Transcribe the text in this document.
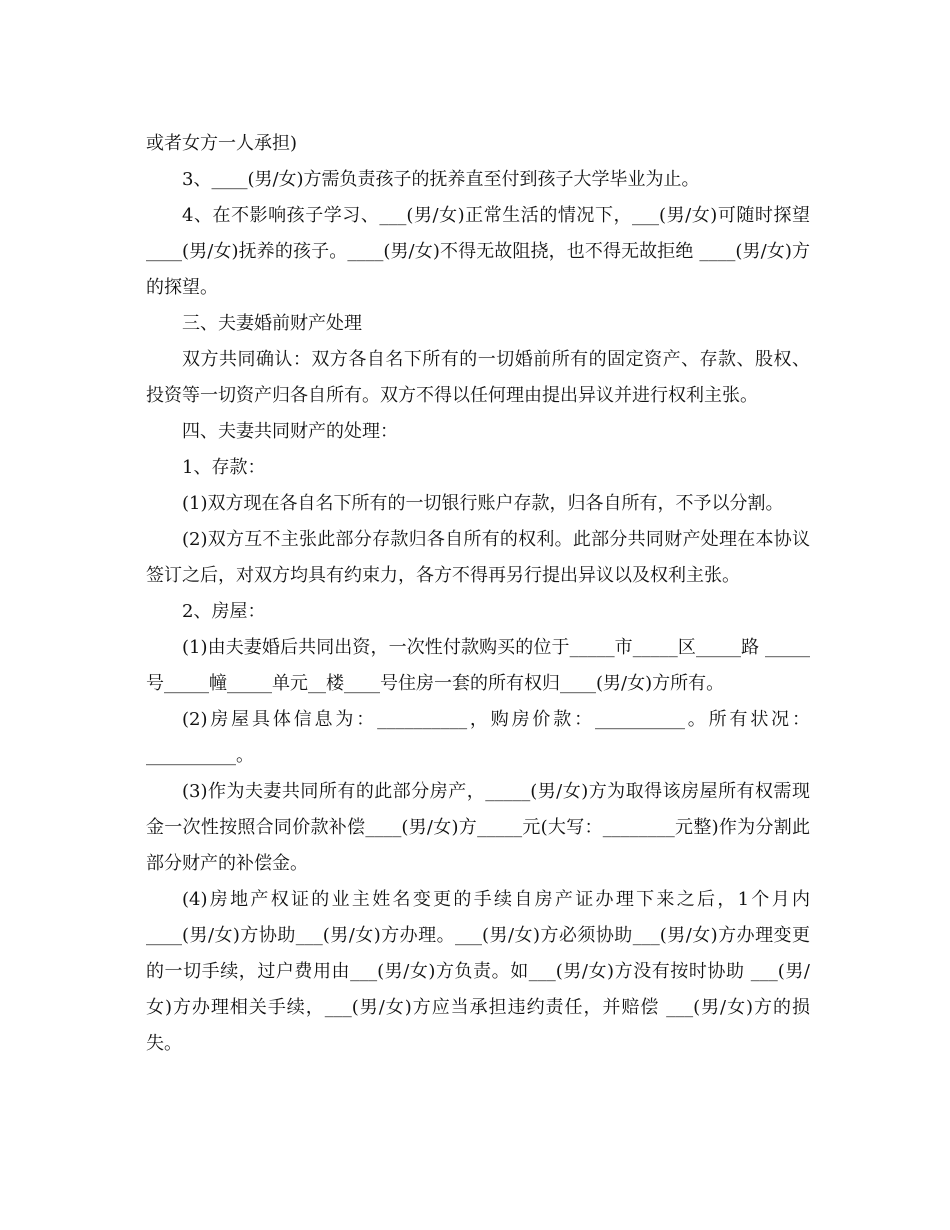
或者女方一人承担)

3、____(男/女)方需负责孩子的抚养直至付到孩子大学毕业为止。

4、在不影响孩子学习、___(男/女)正常生活的情况下，___(男/女)可随时探望____(男/女)抚养的孩子。____(男/女)不得无故阻挠，也不得无故拒绝 ____(男/女)方的探望。

三、夫妻婚前财产处理

双方共同确认：双方各自名下所有的一切婚前所有的固定资产、存款、股权、投资等一切资产归各自所有。双方不得以任何理由提出异议并进行权利主张。

四、夫妻共同财产的处理：

1、存款：

(1)双方现在各自名下所有的一切银行账户存款，归各自所有，不予以分割。

(2)双方互不主张此部分存款归各自所有的权利。此部分共同财产处理在本协议签订之后，对双方均具有约束力，各方不得再另行提出异议以及权利主张。

2、房屋：

(1)由夫妻婚后共同出资，一次性付款购买的位于_____市_____区_____路 _____号_____幢_____单元__楼____号住房一套的所有权归____(男/女)方所有。

(2)房屋具体信息为：__________，购房价款：__________。所有状况：__________。

(3)作为夫妻共同所有的此部分房产，_____(男/女)方为取得该房屋所有权需现金一次性按照合同价款补偿____(男/女)方_____元(大写：________元整)作为分割此部分财产的补偿金。

(4)房地产权证的业主姓名变更的手续自房产证办理下来之后，1个月内 ____(男/女)方协助___(男/女)方办理。___(男/女)方必须协助___(男/女)方办理变更的一切手续，过户费用由___(男/女)方负责。如___(男/女)方没有按时协助 ___(男/女)方办理相关手续，___(男/女)方应当承担违约责任，并赔偿 ___(男/女)方的损失。
